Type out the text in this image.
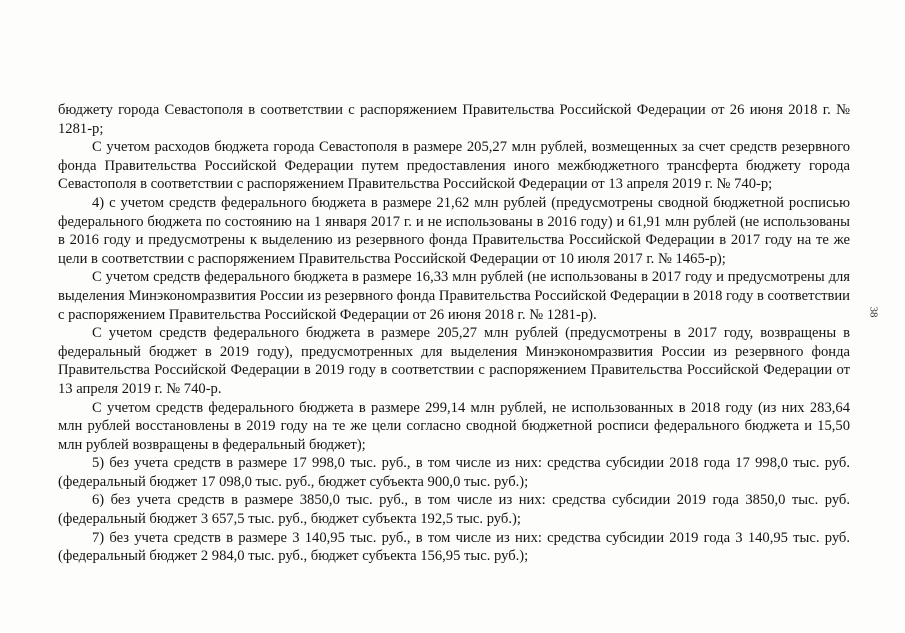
бюджету города Севастополя в соответствии с распоряжением Правительства Российской Федерации от 26 июня 2018 г. № 1281-р;

С учетом расходов бюджета города Севастополя в размере 205,27 млн рублей, возмещенных за счет средств резервного фонда Правительства Российской Федерации путем предоставления иного межбюджетного трансферта бюджету города Севастополя в соответствии с распоряжением Правительства Российской Федерации от 13 апреля 2019 г. № 740-р;

4) с учетом средств федерального бюджета в размере 21,62 млн рублей (предусмотрены сводной бюджетной росписью федерального бюджета по состоянию на 1 января 2017 г. и не использованы в 2016 году) и 61,91 млн рублей (не использованы в 2016 году и предусмотрены к выделению из резервного фонда Правительства Российской Федерации в 2017 году на те же цели в соответствии с распоряжением Правительства Российской Федерации от 10 июля 2017 г. № 1465-р);

С учетом средств федерального бюджета в размере 16,33 млн рублей (не использованы в 2017 году и предусмотрены для выделения Минэкономразвития России из резервного фонда Правительства Российской Федерации в 2018 году в соответствии с распоряжением Правительства Российской Федерации от 26 июня 2018 г. № 1281-р).

С учетом средств федерального бюджета в размере 205,27 млн рублей (предусмотрены в 2017 году, возвращены в федеральный бюджет в 2019 году), предусмотренных для выделения Минэкономразвития России из резервного фонда Правительства Российской Федерации в 2019 году в соответствии с распоряжением Правительства Российской Федерации от 13 апреля 2019 г. № 740-р.

С учетом средств федерального бюджета в размере 299,14 млн рублей, не использованных в 2018 году (из них 283,64 млн рублей восстановлены в 2019 году на те же цели согласно сводной бюджетной росписи федерального бюджета и 15,50 млн рублей возвращены в федеральный бюджет);

5) без учета средств в размере 17 998,0 тыс. руб., в том числе из них: средства субсидии 2018 года 17 998,0 тыс. руб. (федеральный бюджет 17 098,0 тыс. руб., бюджет субъекта 900,0 тыс. руб.);

6) без учета средств в размере 3850,0 тыс. руб., в том числе из них: средства субсидии 2019 года 3850,0 тыс. руб. (федеральный бюджет 3 657,5 тыс. руб., бюджет субъекта 192,5 тыс. руб.);

7) без учета средств в размере 3 140,95 тыс. руб., в том числе из них: средства субсидии 2019 года 3 140,95 тыс. руб. (федеральный бюджет 2 984,0 тыс. руб., бюджет субъекта 156,95 тыс. руб.);

38
